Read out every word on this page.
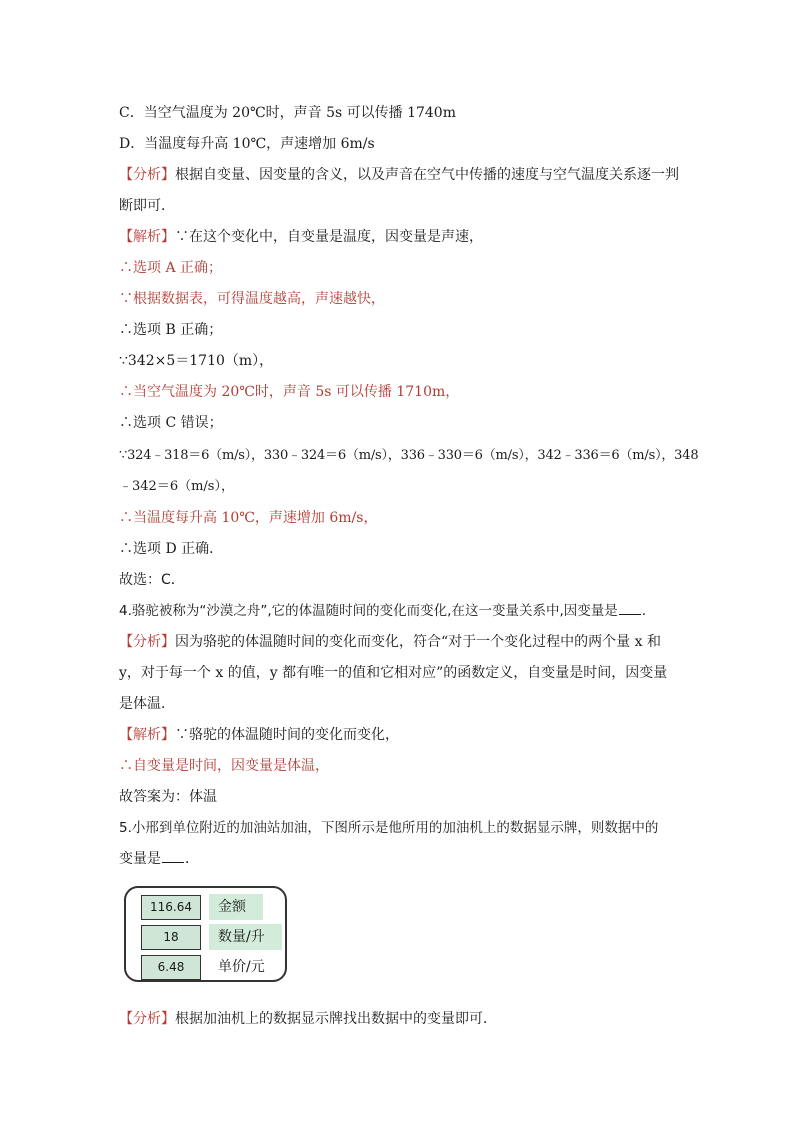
C．当空气温度为 20℃时，声音 5s 可以传播 1740m
D．当温度每升高 10℃，声速增加 6m/s
【分析】根据自变量、因变量的含义，以及声音在空气中传播的速度与空气温度关系逐一判
断即可．
【解析】∵在这个变化中，自变量是温度，因变量是声速，
∴选项 A 正确；
∵根据数据表，可得温度越高，声速越快，
∴选项 B 正确；
∵342×5＝1710（m），
∴当空气温度为 20℃时，声音 5s 可以传播 1710m，
∴选项 C 错误；
∵324﹣318＝6（m/s），330﹣324＝6（m/s），336﹣330＝6（m/s），342﹣336＝6（m/s），348
﹣342＝6（m/s），
∴当温度每升高 10℃，声速增加 6m/s，
∴选项 D 正确．
故选：C．
4.骆驼被称为“沙漠之舟”,它的体温随时间的变化而变化,在这一变量关系中,因变量是 ．
【分析】因为骆驼的体温随时间的变化而变化，符合“对于一个变化过程中的两个量 x 和
y，对于每一个 x 的值，y 都有唯一的值和它相对应”的函数定义，自变量是时间，因变量
是体温．
【解析】∵骆驼的体温随时间的变化而变化，
∴自变量是时间，因变量是体温，
故答案为：体温
5.小邢到单位附近的加油站加油，下图所示是他所用的加油机上的数据显示牌，则数据中的
变量是 ．
116.64	金额
18	数量/升
6.48	单价/元
【分析】根据加油机上的数据显示牌找出数据中的变量即可．
